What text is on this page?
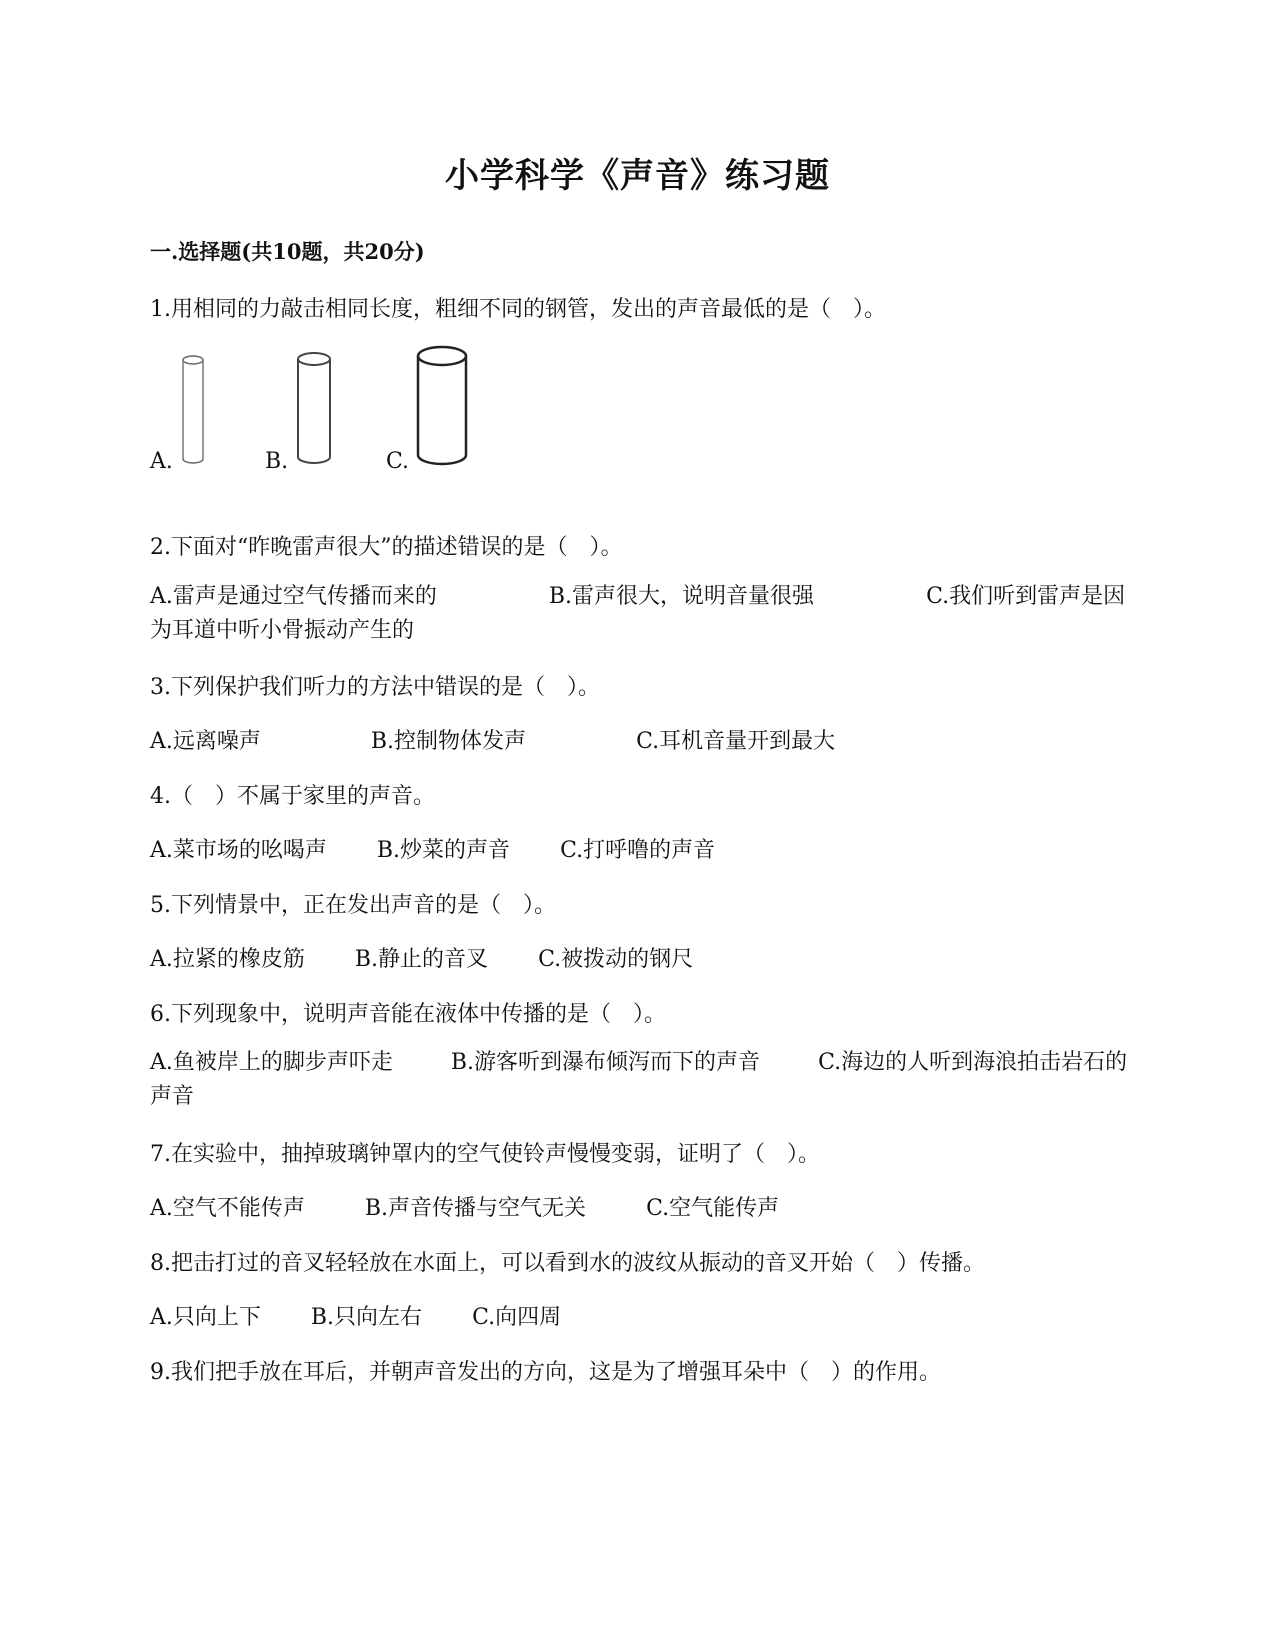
小学科学《声音》练习题
一.选择题(共10题，共20分)
1.用相同的力敲击相同长度，粗细不同的钢管，发出的声音最低的是（　）。
A.	B.	C.
2.下面对“昨晚雷声很大”的描述错误的是（　）。
A.雷声是通过空气传播而来的	B.雷声很大，说明音量很强	C.我们听到雷声是因为耳道中听小骨振动产生的
3.下列保护我们听力的方法中错误的是（　）。
A.远离噪声	B.控制物体发声	C.耳机音量开到最大
4.（　）不属于家里的声音。
A.菜市场的吆喝声 B.炒菜的声音 C.打呼噜的声音
5.下列情景中，正在发出声音的是（　）。
A.拉紧的橡皮筋 B.静止的音叉 C.被拨动的钢尺
6.下列现象中，说明声音能在液体中传播的是（　）。
A.鱼被岸上的脚步声吓走	B.游客听到瀑布倾泻而下的声音	C.海边的人听到海浪拍击岩石的声音
7.在实验中，抽掉玻璃钟罩内的空气使铃声慢慢变弱，证明了（　）。
A.空气不能传声	B.声音传播与空气无关	C.空气能传声
8.把击打过的音叉轻轻放在水面上，可以看到水的波纹从振动的音叉开始（　）传播。
A.只向上下 B.只向左右 C.向四周
9.我们把手放在耳后，并朝声音发出的方向，这是为了增强耳朵中（　）的作用。
